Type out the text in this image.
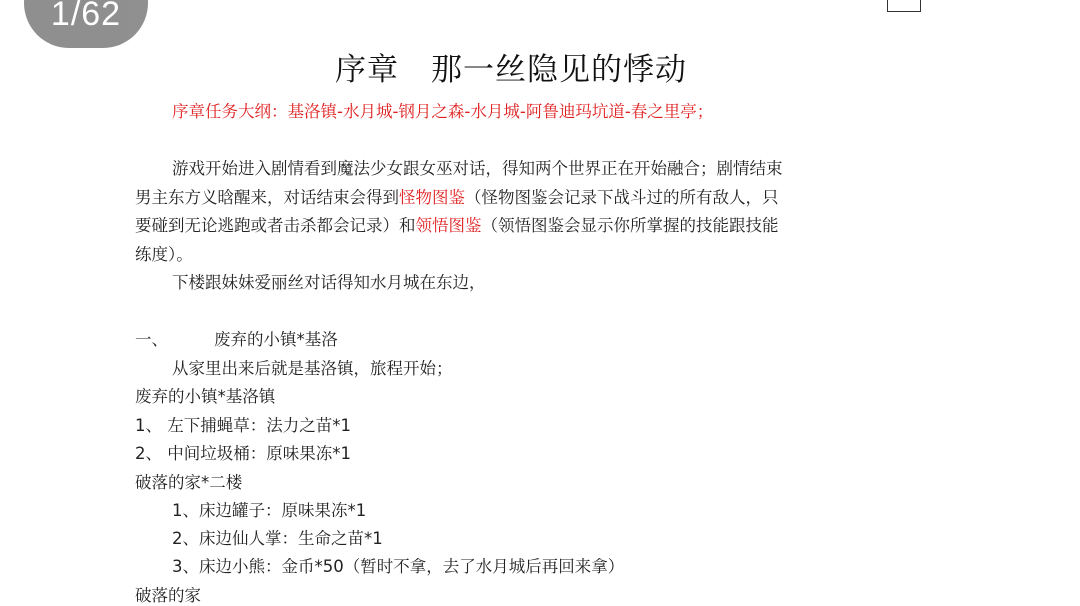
1/62
序章　那一丝隐见的悸动
序章任务大纲：基洛镇-水月城-钢月之森-水月城-阿鲁迪玛坑道-春之里亭；
游戏开始进入剧情看到魔法少女跟女巫对话，得知两个世界正在开始融合；剧情结束
男主东方义晗醒来，对话结束会得到怪物图鉴（怪物图鉴会记录下战斗过的所有敌人，只
要碰到无论逃跑或者击杀都会记录）和领悟图鉴（领悟图鉴会显示你所掌握的技能跟技能
练度）。
下楼跟妹妹爱丽丝对话得知水月城在东边，
一、	废弃的小镇*基洛
从家里出来后就是基洛镇，旅程开始；
废弃的小镇*基洛镇
1、 左下捕蝇草：法力之苗*1
2、 中间垃圾桶：原味果冻*1
破落的家*二楼
1、床边罐子：原味果冻*1
2、床边仙人掌：生命之苗*1
3、床边小熊：金币*50（暂时不拿，去了水月城后再回来拿）
破落的家
